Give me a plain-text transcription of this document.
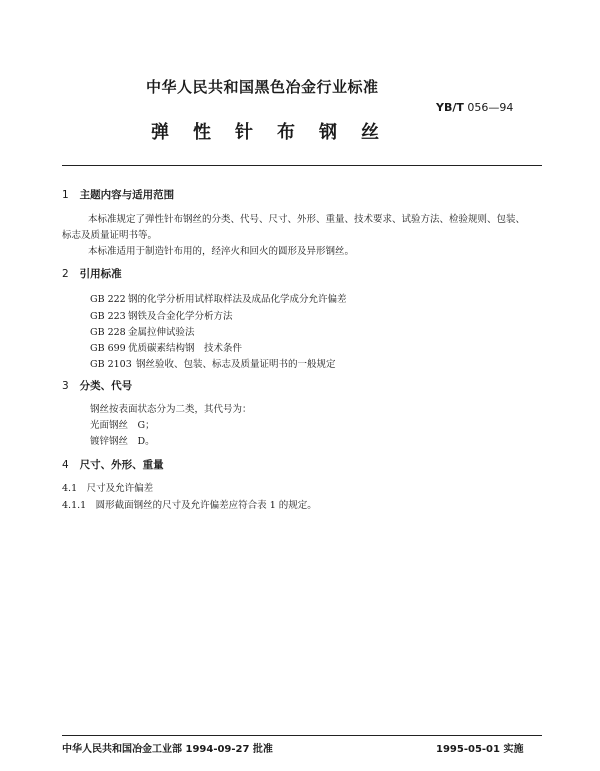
中华人民共和国黑色冶金行业标准
YB/T 056—94
弹性针布钢丝
1 主题内容与适用范围
本标准规定了弹性针布钢丝的分类、代号、尺寸、外形、重量、技术要求、试验方法、检验规则、包装、
标志及质量证明书等。
本标准适用于制造针布用的，经淬火和回火的圆形及异形钢丝。
2 引用标准
GB 222 钢的化学分析用试样取样法及成品化学成分允许偏差
GB 223 钢铁及合金化学分析方法
GB 228 金属拉伸试验法
GB 699 优质碳素结构钢　技术条件
GB 2103 钢丝验收、包装、标志及质量证明书的一般规定
3 分类、代号
钢丝按表面状态分为二类，其代号为：
光面钢丝　G；
镀锌钢丝　D。
4 尺寸、外形、重量
4.1　尺寸及允许偏差
4.1.1　圆形截面钢丝的尺寸及允许偏差应符合表 1 的规定。
中华人民共和国冶金工业部 1994-09-27 批准	1995-05-01 实施
